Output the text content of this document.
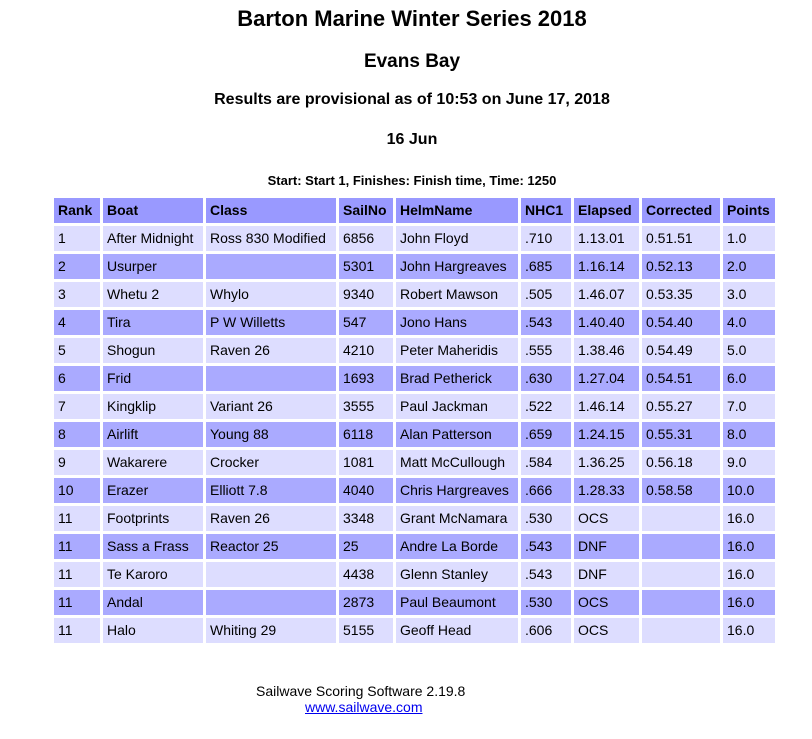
Barton Marine Winter Series 2018
Evans Bay
Results are provisional as of 10:53 on June 17, 2018
16 Jun
Start: Start 1, Finishes: Finish time, Time: 1250
Rank	Boat	Class	SailNo	HelmName	NHC1	Elapsed	Corrected	Points
1	After Midnight	Ross 830 Modified	6856	John Floyd	.710	1.13.01	0.51.51	1.0
2	Usurper		5301	John Hargreaves	.685	1.16.14	0.52.13	2.0
3	Whetu 2	Whylo	9340	Robert Mawson	.505	1.46.07	0.53.35	3.0
4	Tira	P W Willetts	547	Jono Hans	.543	1.40.40	0.54.40	4.0
5	Shogun	Raven 26	4210	Peter Maheridis	.555	1.38.46	0.54.49	5.0
6	Frid		1693	Brad Petherick	.630	1.27.04	0.54.51	6.0
7	Kingklip	Variant 26	3555	Paul Jackman	.522	1.46.14	0.55.27	7.0
8	Airlift	Young 88	6118	Alan Patterson	.659	1.24.15	0.55.31	8.0
9	Wakarere	Crocker	1081	Matt McCullough	.584	1.36.25	0.56.18	9.0
10	Erazer	Elliott 7.8	4040	Chris Hargreaves	.666	1.28.33	0.58.58	10.0
11	Footprints	Raven 26	3348	Grant McNamara	.530	OCS		16.0
11	Sass a Frass	Reactor 25	25	Andre La Borde	.543	DNF		16.0
11	Te Karoro		4438	Glenn Stanley	.543	DNF		16.0
11	Andal		2873	Paul Beaumont	.530	OCS		16.0
11	Halo	Whiting 29	5155	Geoff Head	.606	OCS		16.0
Sailwave Scoring Software 2.19.8
www.sailwave.com
